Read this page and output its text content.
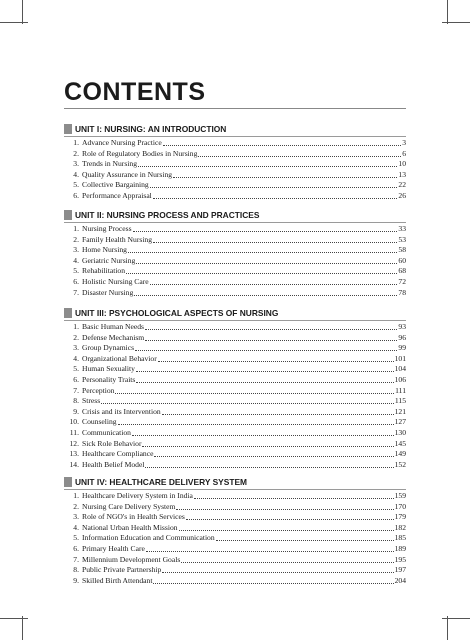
CONTENTS
UNIT I: NURSING: AN INTRODUCTION
1. Advance Nursing Practice	3
2. Role of Regulatory Bodies in Nursing	6
3. Trends in Nursing	10
4. Quality Assurance in Nursing	13
5. Collective Bargaining	22
6. Performance Appraisal	26
UNIT II: NURSING PROCESS AND PRACTICES
1. Nursing Process	33
2. Family Health Nursing	53
3. Home Nursing	58
4. Geriatric Nursing	60
5. Rehabilitation	68
6. Holistic Nursing Care	72
7. Disaster Nursing	78
UNIT III: PSYCHOLOGICAL ASPECTS OF NURSING
1. Basic Human Needs	93
2. Defense Mechanism	96
3. Group Dynamics	99
4. Organizational Behavior	101
5. Human Sexuality	104
6. Personality Traits	106
7. Perception	111
8. Stress	115
9. Crisis and its Intervention	121
10. Counseling	127
11. Communication	130
12. Sick Role Behavior	145
13. Healthcare Compliance	149
14. Health Belief Model	152
UNIT IV: HEALTHCARE DELIVERY SYSTEM
1. Healthcare Delivery System in India	159
2. Nursing Care Delivery System	170
3. Role of NGO's in Health Services	179
4. National Urban Health Mission	182
5. Information Education and Communication	185
6. Primary Health Care	189
7. Millennium Development Goals	195
8. Public Private Partnership	197
9. Skilled Birth Attendant	204
